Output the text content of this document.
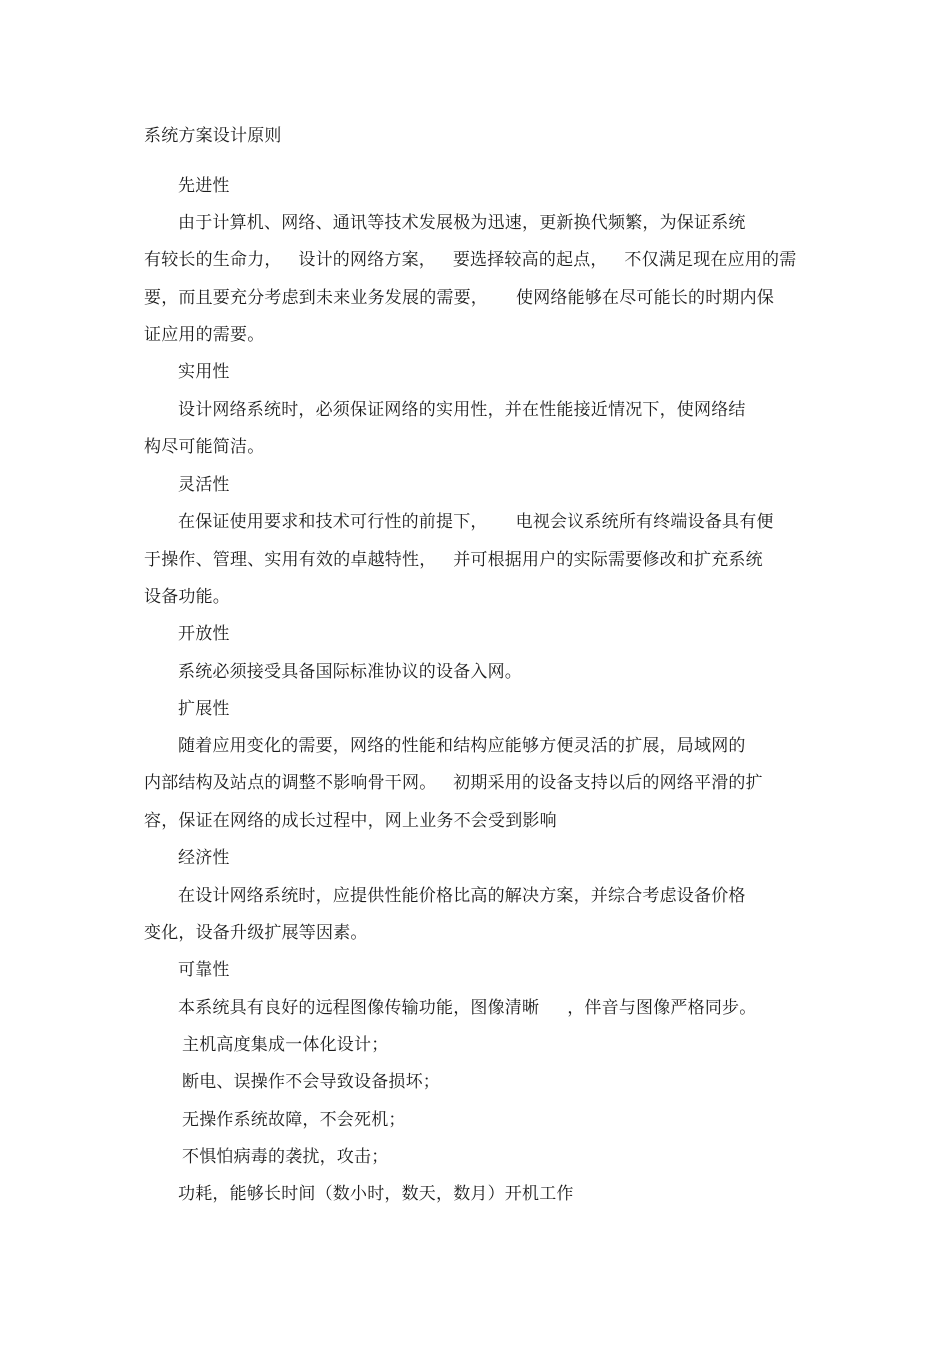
系统方案设计原则
先进性
由于计算机、网络、通讯等技术发展极为迅速，更新换代频繁，为保证系统
有较长的生命力，   设计的网络方案，   要选择较高的起点，   不仅满足现在应用的需
要，而且要充分考虑到未来业务发展的需要，     使网络能够在尽可能长的时期内保
证应用的需要。
实用性
设计网络系统时，必须保证网络的实用性，并在性能接近情况下，使网络结
构尽可能简洁。
灵活性
在保证使用要求和技术可行性的前提下，     电视会议系统所有终端设备具有便
于操作、管理、实用有效的卓越特性，   并可根据用户的实际需要修改和扩充系统
设备功能。
开放性
系统必须接受具备国际标准协议的设备入网。
扩展性
随着应用变化的需要，网络的性能和结构应能够方便灵活的扩展，局域网的
内部结构及站点的调整不影响骨干网。   初期采用的设备支持以后的网络平滑的扩
容，保证在网络的成长过程中，网上业务不会受到影响
经济性
在设计网络系统时，应提供性能价格比高的解决方案，并综合考虑设备价格
变化，设备升级扩展等因素。
可靠性
本系统具有良好的远程图像传输功能，图像清晰     ，伴音与图像严格同步。
主机高度集成一体化设计；
断电、误操作不会导致设备损坏；
无操作系统故障，不会死机；
不惧怕病毒的袭扰，攻击；
功耗，能够长时间（数小时，数天，数月）开机工作
